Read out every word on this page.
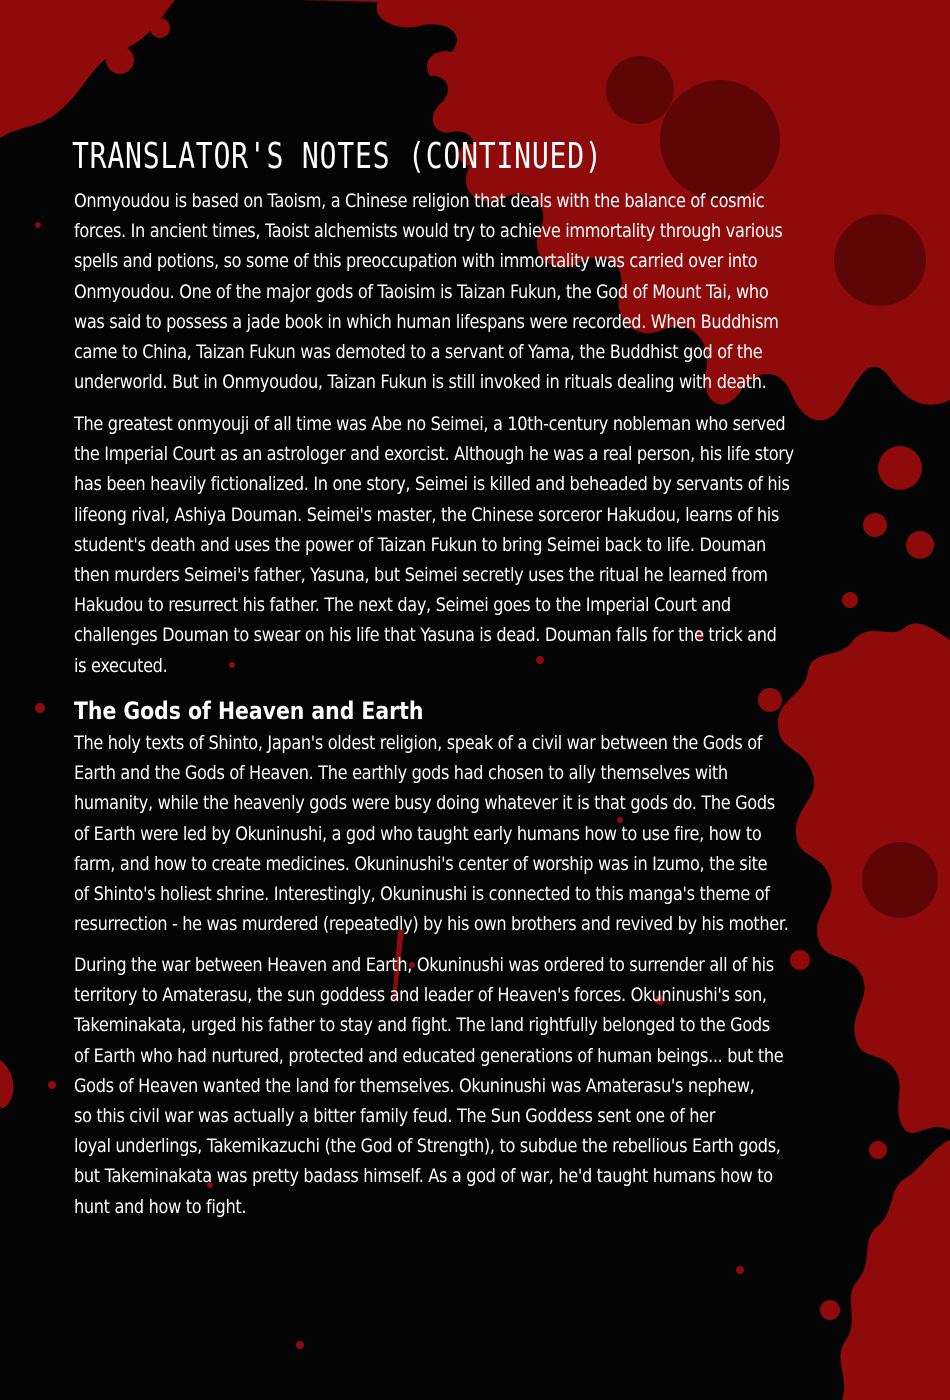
TRANSLATOR'S NOTES (CONTINUED)
Onmyoudou is based on Taoism, a Chinese religion that deals with the balance of cosmic
forces. In ancient times, Taoist alchemists would try to achieve immortality through various
spells and potions, so some of this preoccupation with immortality was carried over into
Onmyoudou. One of the major gods of Taoisim is Taizan Fukun, the God of Mount Tai, who
was said to possess a jade book in which human lifespans were recorded. When Buddhism
came to China, Taizan Fukun was demoted to a servant of Yama, the Buddhist god of the
underworld. But in Onmyoudou, Taizan Fukun is still invoked in rituals dealing with death.
The greatest onmyouji of all time was Abe no Seimei, a 10th-century nobleman who served
the Imperial Court as an astrologer and exorcist. Although he was a real person, his life story
has been heavily fictionalized. In one story, Seimei is killed and beheaded by servants of his
lifeong rival, Ashiya Douman. Seimei's master, the Chinese sorceror Hakudou, learns of his
student's death and uses the power of Taizan Fukun to bring Seimei back to life. Douman
then murders Seimei's father, Yasuna, but Seimei secretly uses the ritual he learned from
Hakudou to resurrect his father. The next day, Seimei goes to the Imperial Court and
challenges Douman to swear on his life that Yasuna is dead. Douman falls for the trick and
is executed.
The Gods of Heaven and Earth
The holy texts of Shinto, Japan's oldest religion, speak of a civil war between the Gods of
Earth and the Gods of Heaven. The earthly gods had chosen to ally themselves with
humanity, while the heavenly gods were busy doing whatever it is that gods do. The Gods
of Earth were led by Okuninushi, a god who taught early humans how to use fire, how to
farm, and how to create medicines. Okuninushi's center of worship was in Izumo, the site
of Shinto's holiest shrine. Interestingly, Okuninushi is connected to this manga's theme of
resurrection - he was murdered (repeatedly) by his own brothers and revived by his mother.
During the war between Heaven and Earth, Okuninushi was ordered to surrender all of his
territory to Amaterasu, the sun goddess and leader of Heaven's forces. Okuninushi's son,
Takeminakata, urged his father to stay and fight. The land rightfully belonged to the Gods
of Earth who had nurtured, protected and educated generations of human beings... but the
Gods of Heaven wanted the land for themselves. Okuninushi was Amaterasu's nephew,
so this civil war was actually a bitter family feud. The Sun Goddess sent one of her
loyal underlings, Takemikazuchi (the God of Strength), to subdue the rebellious Earth gods,
but Takeminakata was pretty badass himself. As a god of war, he'd taught humans how to
hunt and how to fight.
